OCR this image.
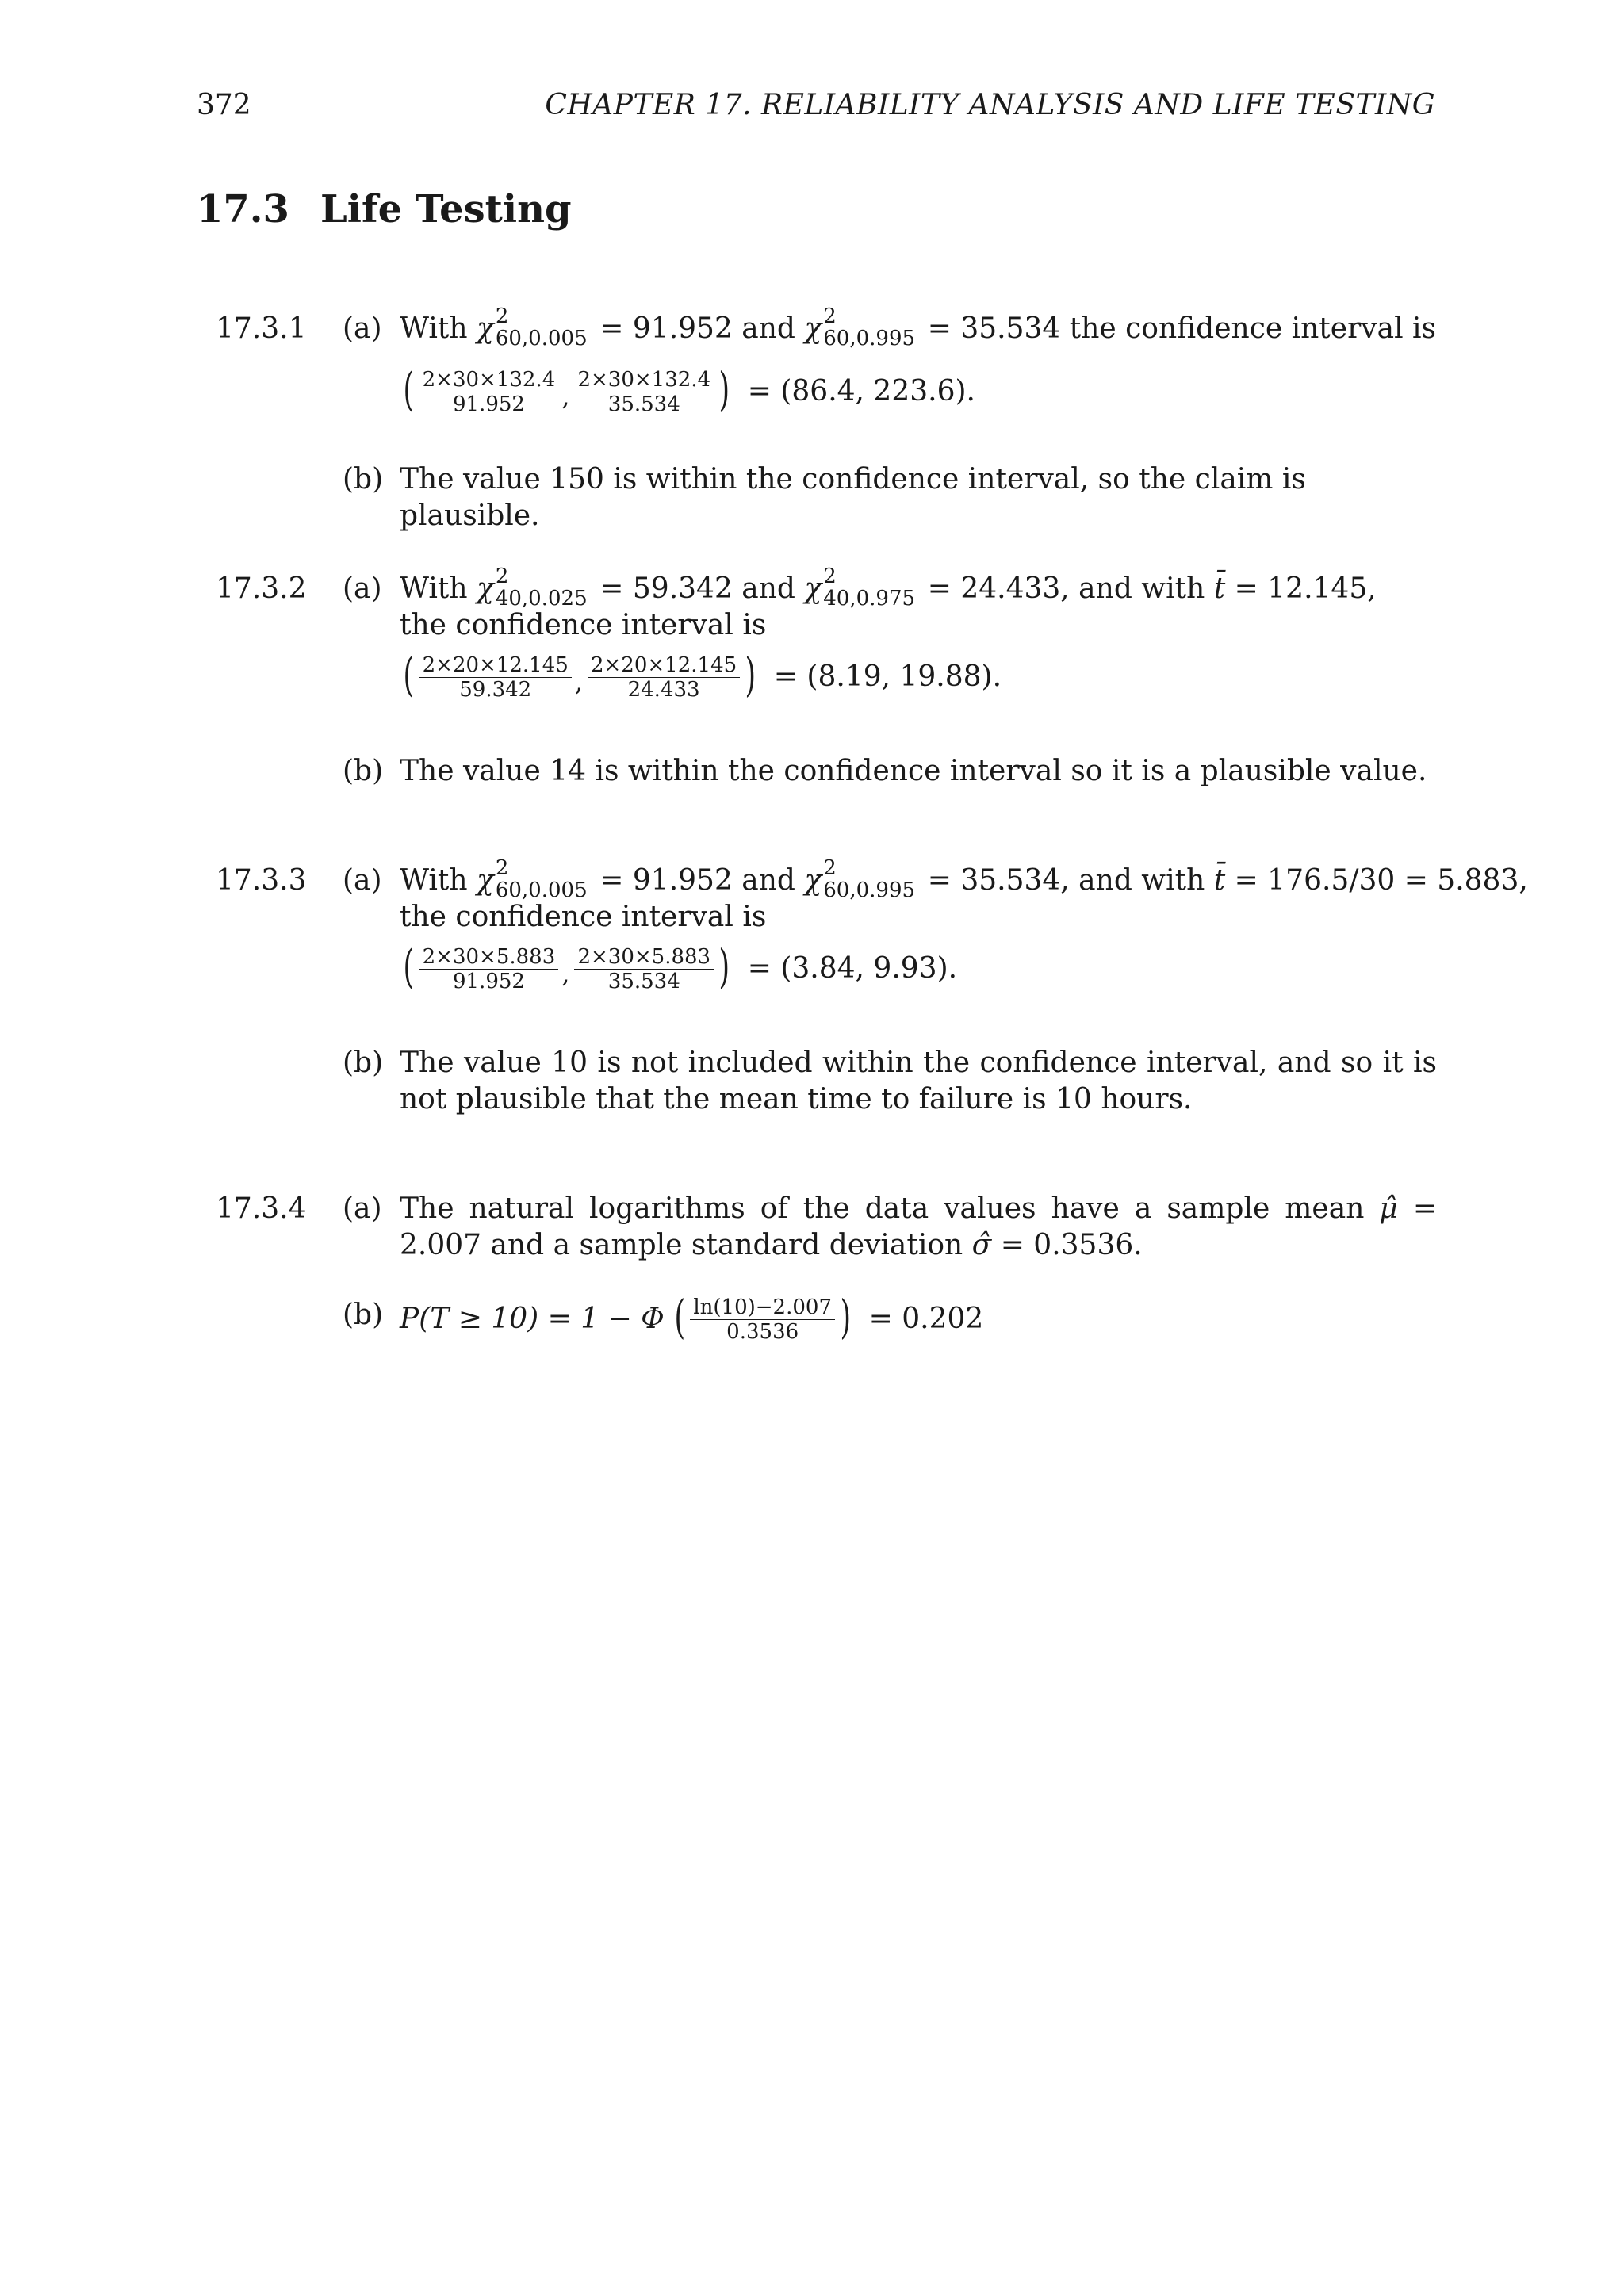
372	CHAPTER 17. RELIABILITY ANALYSIS AND LIFE TESTING
17.3 Life Testing
17.3.1 (a) With χ 2
60,0.005 = 91.952 and χ 2
60,0.995 = 35.534 the confidence interval is
( $\frac{2\times 30\times 132.4}{91.952}$ , $\frac{2\times 30\times 132.4}{35.534}$ ) = (86.4, 223.6).
(b) The value 150 is within the confidence interval, so the claim is plausible.
17.3.2 (a) With χ 2
40,0.025 = 59.342 and χ 2
40,0.975 = 24.433, and with t̄ = 12.145,
the confidence interval is
( $\frac{2\times 20\times 12.145}{59.342}$ , $\frac{2\times 20\times 12.145}{24.433}$ ) = (8.19, 19.88).
(b) The value 14 is within the confidence interval so it is a plausible value.
17.3.3 (a) With χ 2
60,0.005 = 91.952 and χ 2
60,0.995 = 35.534, and with t̄ = 176.5/30 = 5.883,
the confidence interval is
( $\frac{2\times 30\times 5.883}{91.952}$ , $\frac{2\times 30\times 5.883}{35.534}$ ) = (3.84, 9.93).
(b) The value 10 is not included within the confidence interval, and so it is not plausible that the mean time to failure is 10 hours.
17.3.4 (a) The natural logarithms of the data values have a sample mean μ̂ = 2.007 and a sample standard deviation σ̂ = 0.3536.
(b) P(T ≥ 10) = 1 − Φ ( $\frac{\ln(10)-2.007}{0.3536}$ ) = 0.202
